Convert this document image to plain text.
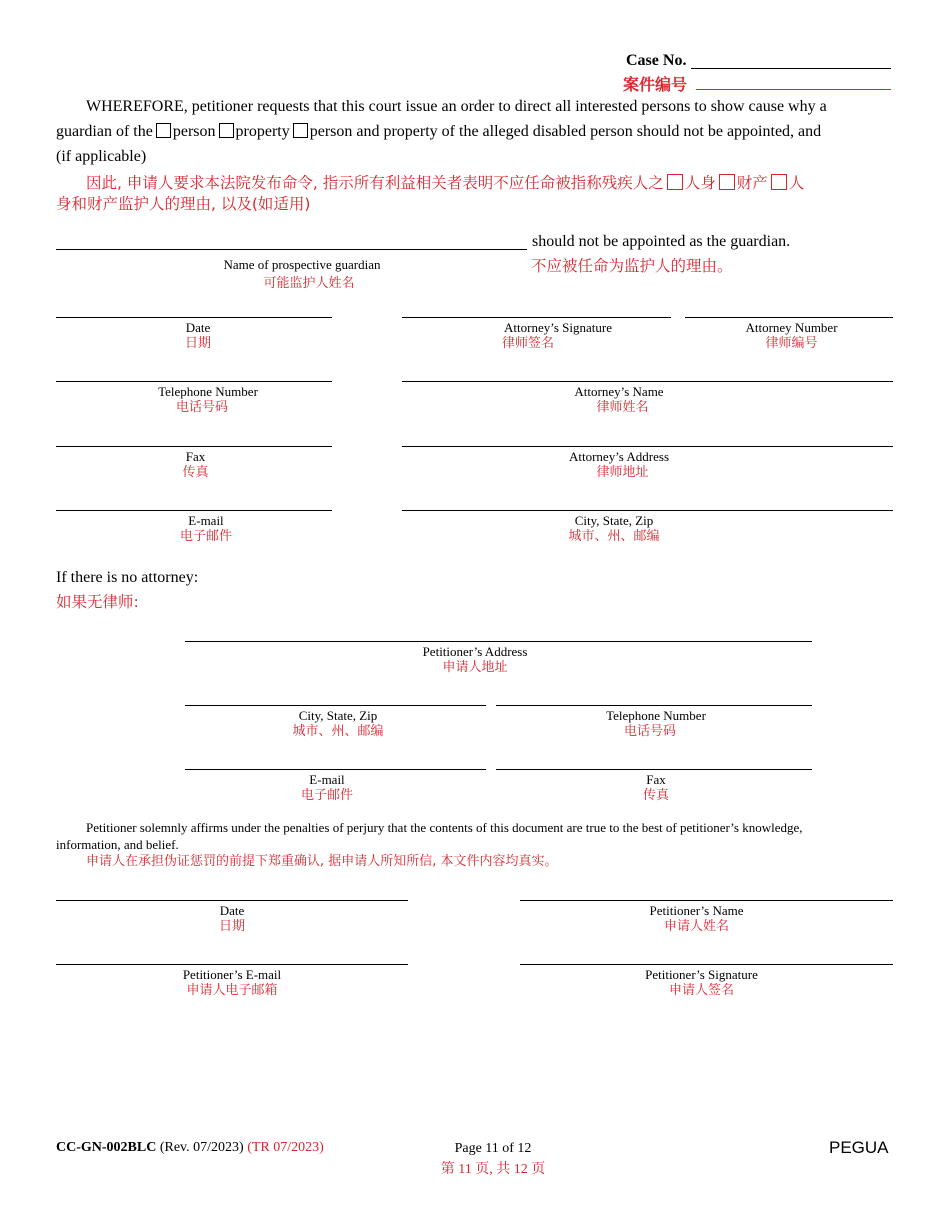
Case No.
案件编号
WHEREFORE, petitioner requests that this court issue an order to direct all interested persons to show cause why a
guardian of the person property person and property of the alleged disabled person should not be appointed, and
(if applicable)
因此, 申请人要求本法院发布命令, 指示所有利益相关者表明不应任命被指称残疾人之 人身 财产 人
身和财产监护人的理由, 以及(如适用)
should not be appointed as the guardian.
不应被任命为监护人的理由。
Name of prospective guardian
可能监护人姓名
Date
日期
Attorney’s Signature
律师签名
Attorney Number
律师编号
Telephone Number
电话号码
Attorney’s Name
律师姓名
Fax
传真
Attorney’s Address
律师地址
E-mail
电子邮件
City, State, Zip
城市、州、邮编
If there is no attorney:
如果无律师:
Petitioner’s Address
申请人地址
City, State, Zip
城市、州、邮编
Telephone Number
电话号码
E-mail
电子邮件
Fax
传真
Petitioner solemnly affirms under the penalties of perjury that the contents of this document are true to the best of petitioner’s knowledge,
information, and belief.
申请人在承担伪证惩罚的前提下郑重确认, 据申请人所知所信, 本文件内容均真实。
Date
日期
Petitioner’s Name
申请人姓名
Petitioner’s E-mail
申请人电子邮箱
Petitioner’s Signature
申请人签名
CC-GN-002BLC (Rev. 07/2023) (TR 07/2023)	Page 11 of 12
第 11 页, 共 12 页
PEGUA
